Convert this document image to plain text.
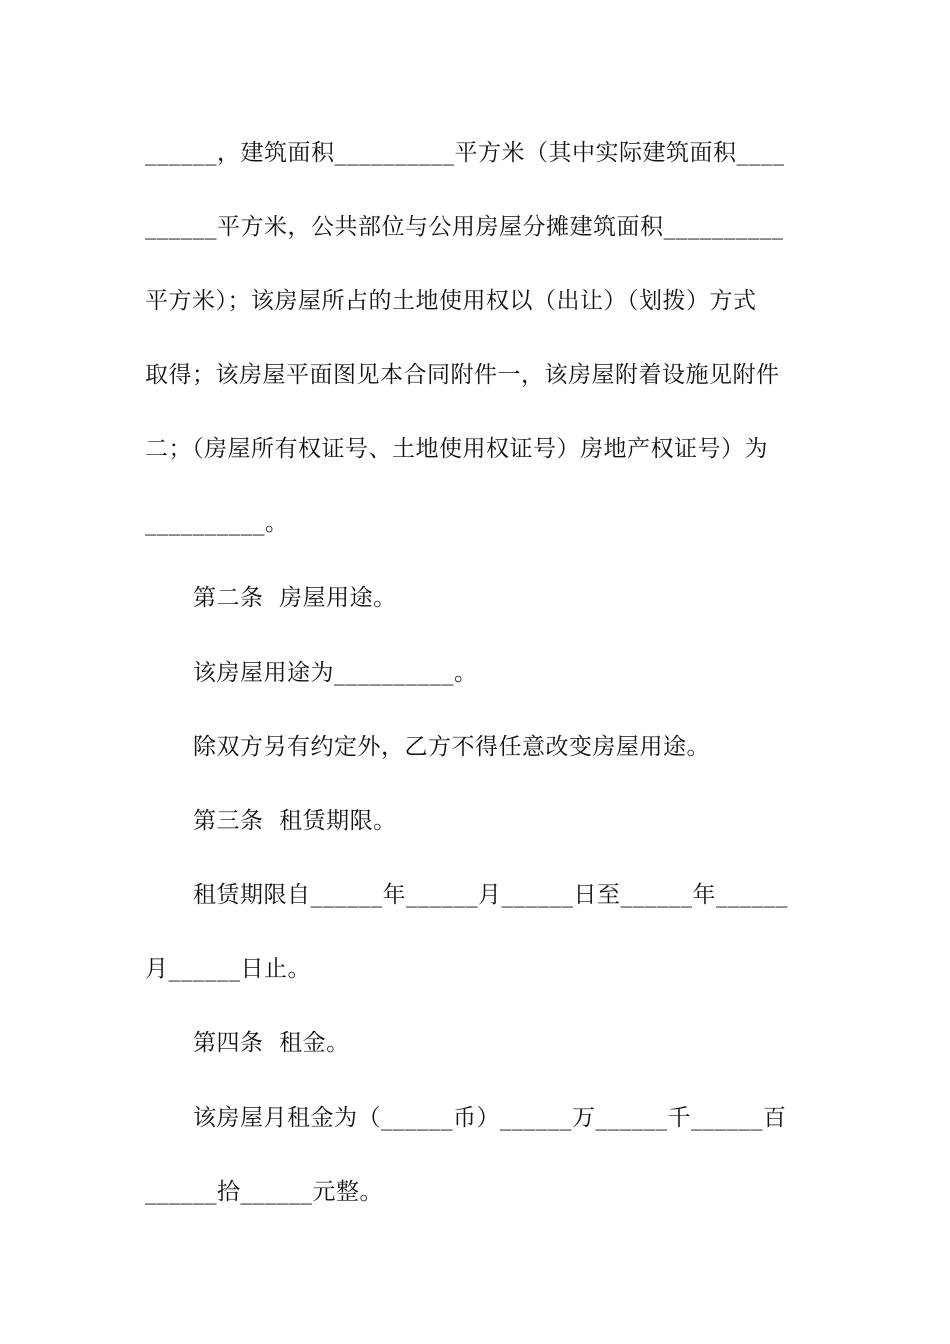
______，建筑面积__________平方米（其中实际建筑面积____
______平方米，公共部位与公用房屋分摊建筑面积__________
平方米）；该房屋所占的土地使用权以（出让）（划拨）方式
取得；该房屋平面图见本合同附件一，该房屋附着设施见附件
二；（房屋所有权证号、土地使用权证号）房地产权证号）为
__________。
第二条  房屋用途。
该房屋用途为__________。
除双方另有约定外，乙方不得任意改变房屋用途。
第三条  租赁期限。
租赁期限自______年______月______日至______年______
月______日止。
第四条  租金。
该房屋月租金为（______币）______万______千______百
______拾______元整。
